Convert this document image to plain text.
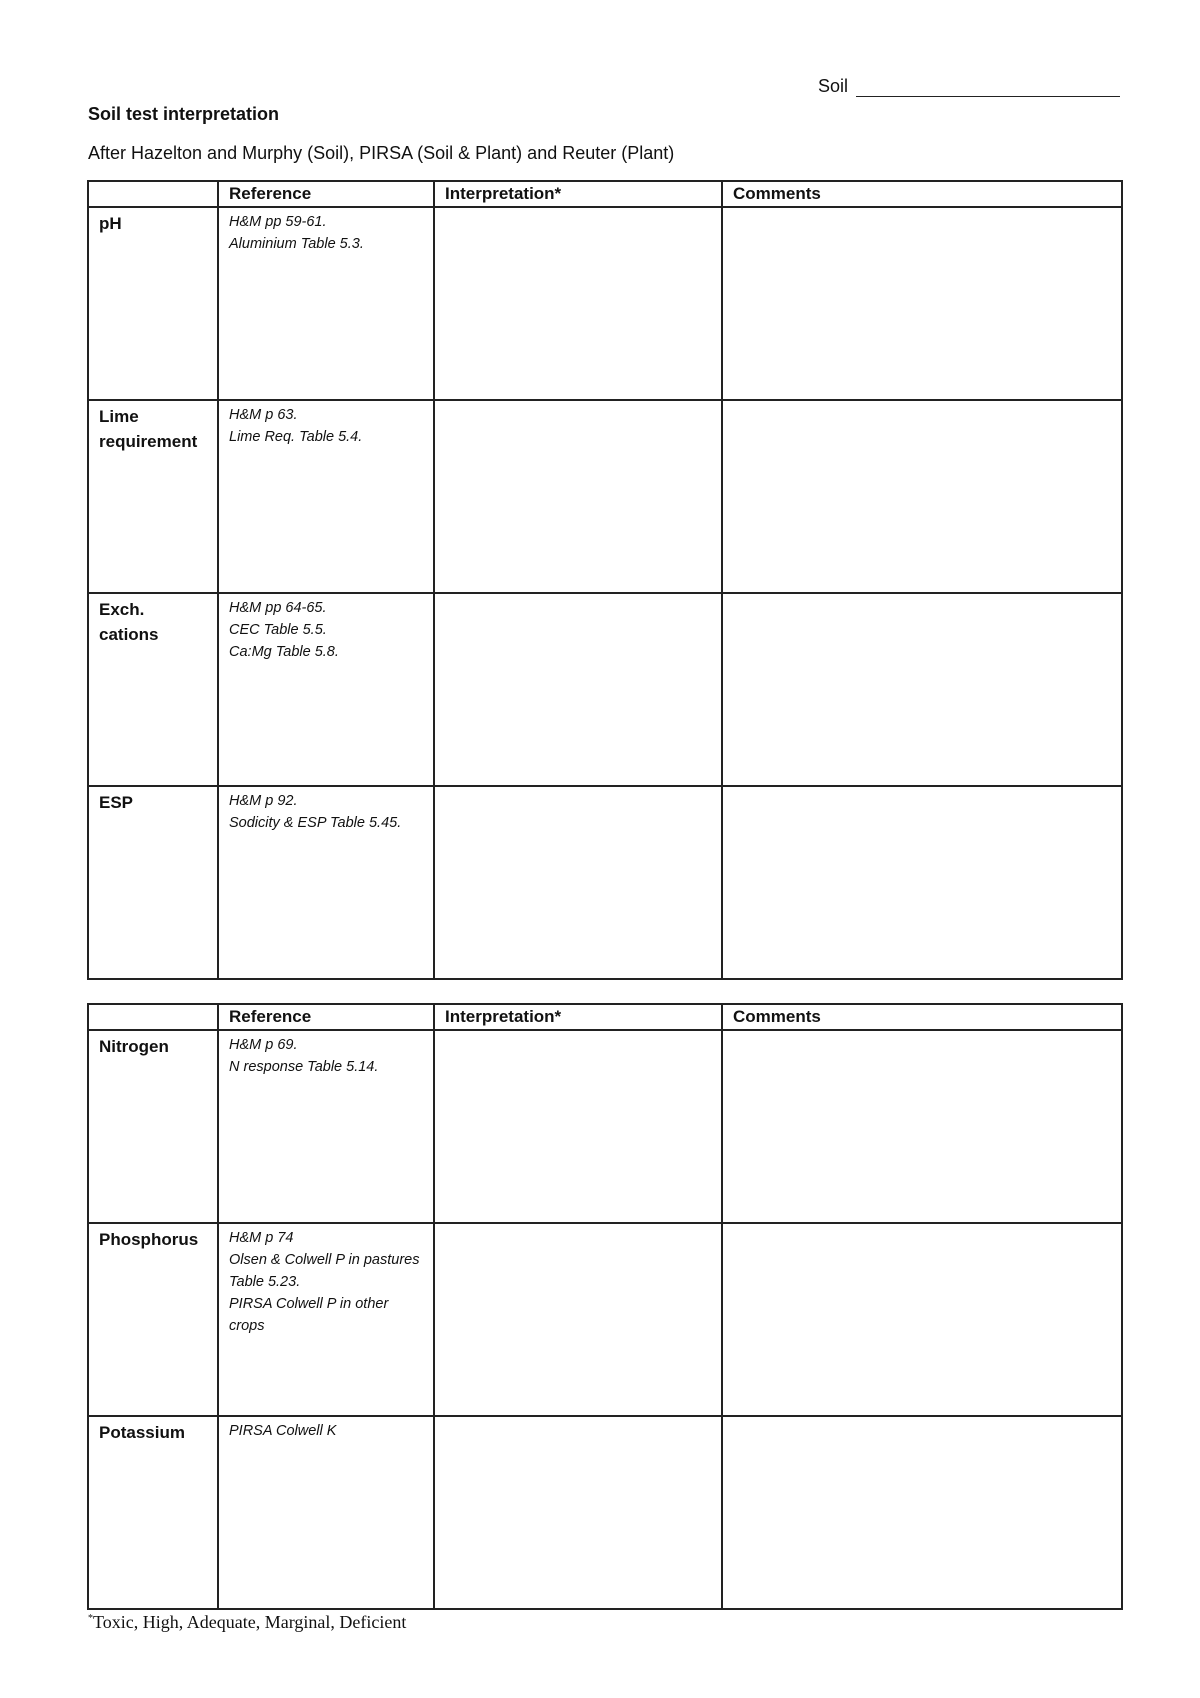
Soil
Soil test interpretation
After Hazelton and Murphy (Soil), PIRSA (Soil & Plant) and Reuter (Plant)
	Reference	Interpretation*	Comments
pH	H&M pp 59-61.
Aluminium Table 5.3.		

Lime requirement	H&M p 63.
Lime Req. Table 5.4.		

Exch. cations	H&M pp 64-65.
CEC Table 5.5.
Ca:Mg Table 5.8.		

ESP	H&M p 92.
Sodicity & ESP Table 5.45.		

	Reference	Interpretation*	Comments
Nitrogen	H&M p 69.
N response Table 5.14.		

Phosphorus	H&M p 74
Olsen & Colwell P in pastures Table 5.23.
PIRSA Colwell P in other crops		

Potassium	PIRSA Colwell K		

*Toxic, High, Adequate, Marginal, Deficient
